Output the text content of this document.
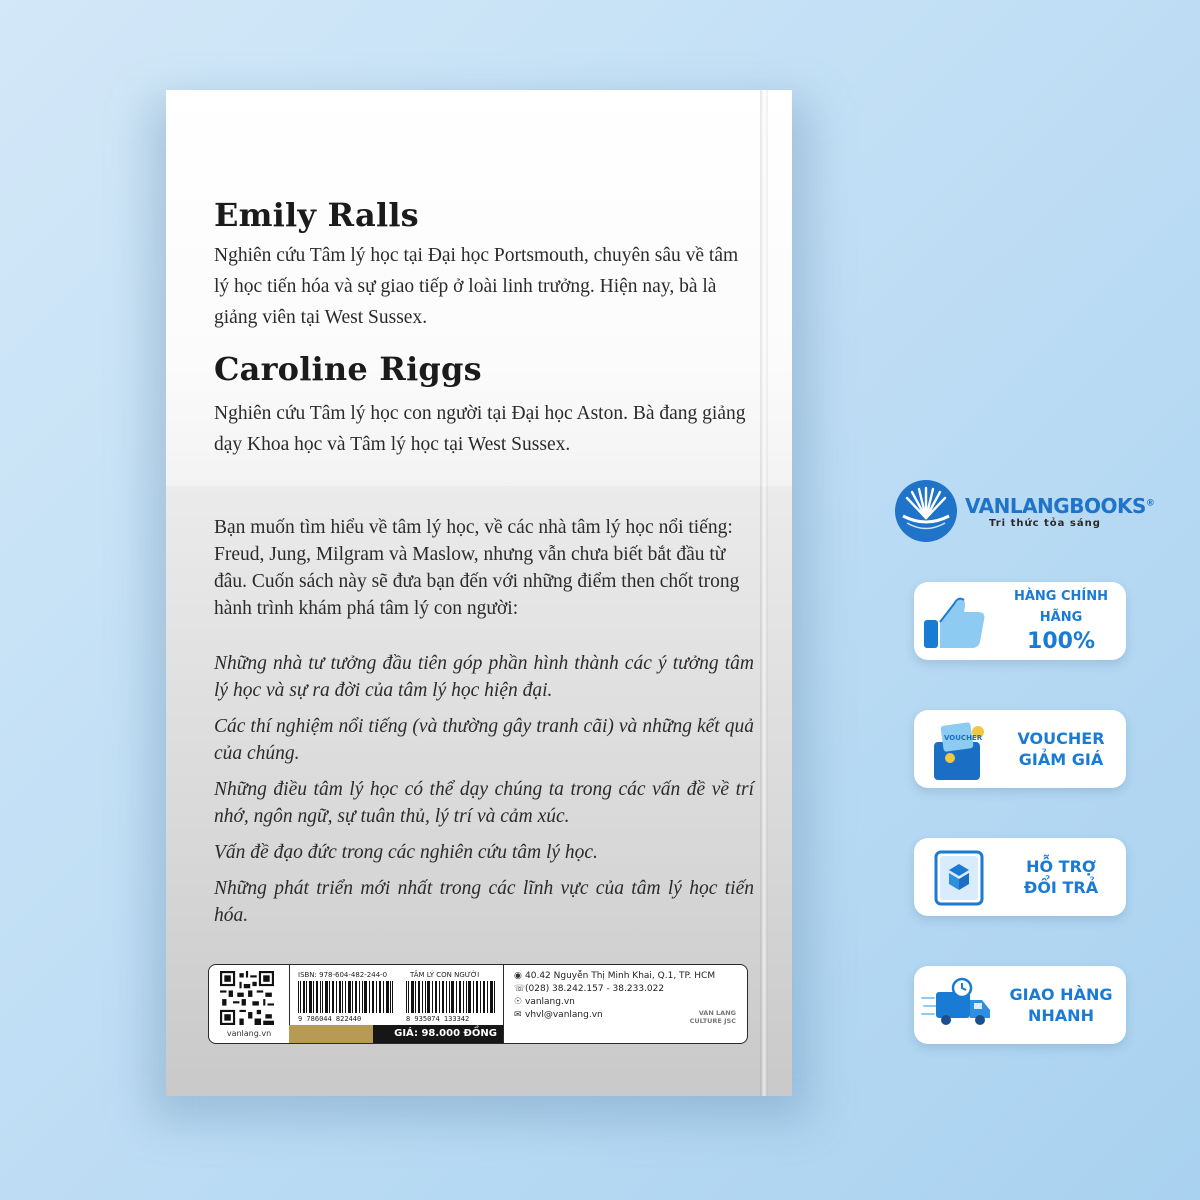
Emily Ralls
Nghiên cứu Tâm lý học tại Đại học Portsmouth, chuyên sâu về tâm lý học tiến hóa và sự giao tiếp ở loài linh trưởng. Hiện nay, bà là giảng viên tại West Sussex.
Caroline Riggs
Nghiên cứu Tâm lý học con người tại Đại học Aston. Bà đang giảng dạy Khoa học và Tâm lý học tại West Sussex.
Bạn muốn tìm hiểu về tâm lý học, về các nhà tâm lý học nổi tiếng: Freud, Jung, Milgram và Maslow, nhưng vẫn chưa biết bắt đầu từ đâu. Cuốn sách này sẽ đưa bạn đến với những điểm then chốt trong hành trình khám phá tâm lý con người:
Những nhà tư tưởng đầu tiên góp phần hình thành các ý tưởng tâm lý học và sự ra đời của tâm lý học hiện đại.
Các thí nghiệm nổi tiếng (và thường gây tranh cãi) và những kết quả của chúng.
Những điều tâm lý học có thể dạy chúng ta trong các vấn đề về trí nhớ, ngôn ngữ, sự tuân thủ, lý trí và cảm xúc.
Vấn đề đạo đức trong các nghiên cứu tâm lý học.
Những phát triển mới nhất trong các lĩnh vực của tâm lý học tiến hóa.
vanlang.vn
ISBN: 978-604-482-244-0	TÂM LÝ CON NGƯỜI
9 786044 822440	8 935074 133342
GIÁ: 98.000 ĐỒNG
◉ 40.42 Nguyễn Thị Minh Khai, Q.1, TP. HCM
☏(028) 38.242.157 - 38.233.022
☉ vanlang.vn
✉ vhvl@vanlang.vn	VAN LANG
CULTURE JSC
VANLANGBOOKS®
Tri thức tỏa sáng
HÀNG CHÍNH HÃNG
100%
VOUCHER VOUCHER
GIẢM GIÁ
HỖ TRỢ
ĐỔI TRẢ
GIAO HÀNG
NHANH
